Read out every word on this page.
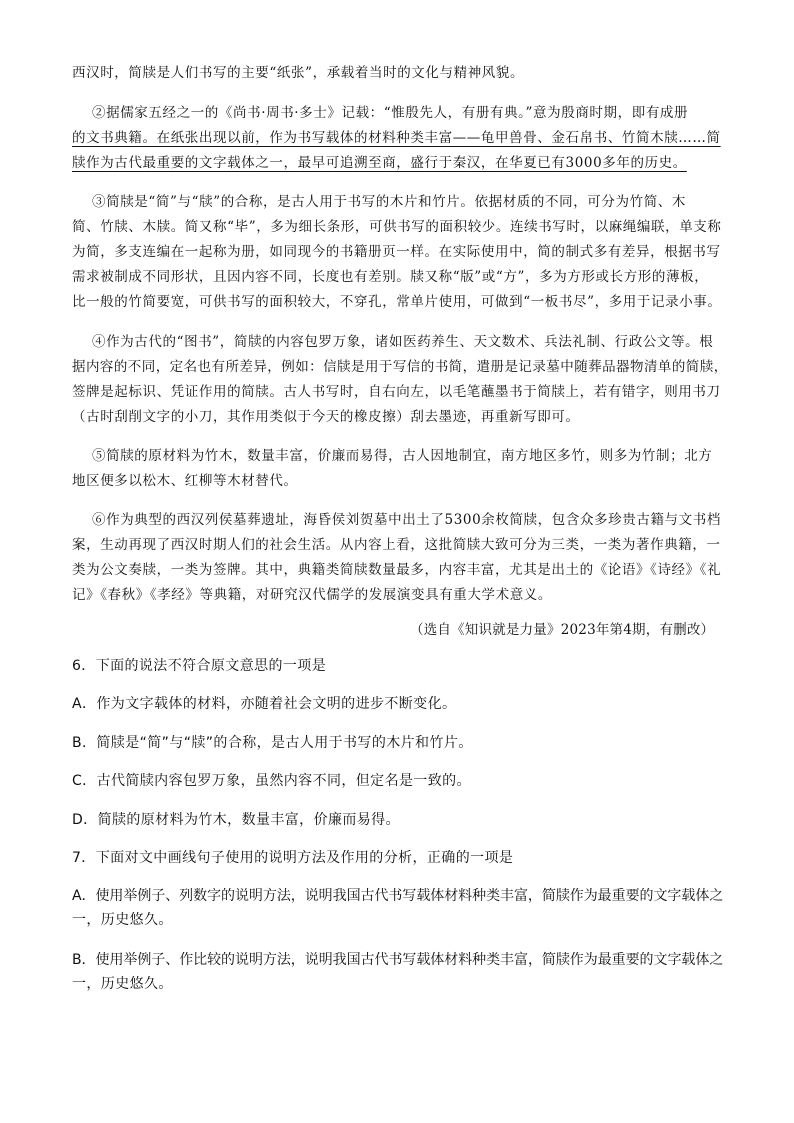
西汉时，简牍是人们书写的主要“纸张”，承载着当时的文化与精神风貌。
②据儒家五经之一的《尚书·周书·多士》记载：“惟殷先人，有册有典。”意为殷商时期，即有成册
的文书典籍。在纸张出现以前，作为书写载体的材料种类丰富——龟甲兽骨、金石帛书、竹简木牍……简
牍作为古代最重要的文字载体之一，最早可追溯至商，盛行于秦汉，在华夏已有3000多年的历史。
③简牍是“简”与“牍”的合称，是古人用于书写的木片和竹片。依据材质的不同，可分为竹简、木
简、竹牍、木牍。简又称“毕”，多为细长条形，可供书写的面积较少。连续书写时，以麻绳编联，单支称
为简，多支连编在一起称为册，如同现今的书籍册页一样。在实际使用中，简的制式多有差异，根据书写
需求被制成不同形状，且因内容不同，长度也有差别。牍又称“版”或“方”，多为方形或长方形的薄板，
比一般的竹简要宽，可供书写的面积较大，不穿孔，常单片使用，可做到“一板书尽”，多用于记录小事。
④作为古代的“图书”，简牍的内容包罗万象，诸如医药养生、天文数术、兵法礼制、行政公文等。根
据内容的不同，定名也有所差异，例如：信牍是用于写信的书简，遣册是记录墓中随葬品器物清单的简牍，
签牌是起标识、凭证作用的简牍。古人书写时，自右向左，以毛笔蘸墨书于简牍上，若有错字，则用书刀
（古时刮削文字的小刀，其作用类似于今天的橡皮擦）刮去墨迹，再重新写即可。
⑤简牍的原材料为竹木，数量丰富，价廉而易得，古人因地制宜，南方地区多竹，则多为竹制；北方
地区便多以松木、红柳等木材替代。
⑥作为典型的西汉列侯墓葬遗址，海昏侯刘贺墓中出土了5300余枚简牍，包含众多珍贵古籍与文书档
案，生动再现了西汉时期人们的社会生活。从内容上看，这批简牍大致可分为三类，一类为著作典籍，一
类为公文奏牍，一类为签牌。其中，典籍类简牍数量最多，内容丰富，尤其是出土的《论语》《诗经》《礼
记》《春秋》《孝经》等典籍，对研究汉代儒学的发展演变具有重大学术意义。
（选自《知识就是力量》2023年第4期，有删改）
6．下面的说法不符合原文意思的一项是
A．作为文字载体的材料，亦随着社会文明的进步不断变化。
B．简牍是“简”与“牍”的合称，是古人用于书写的木片和竹片。
C．古代简牍内容包罗万象，虽然内容不同，但定名是一致的。
D．简牍的原材料为竹木，数量丰富，价廉而易得。
7．下面对文中画线句子使用的说明方法及作用的分析，正确的一项是
A．使用举例子、列数字的说明方法，说明我国古代书写载体材料种类丰富，简牍作为最重要的文字载体之
一，历史悠久。
B．使用举例子、作比较的说明方法，说明我国古代书写载体材料种类丰富，简牍作为最重要的文字载体之
一，历史悠久。
